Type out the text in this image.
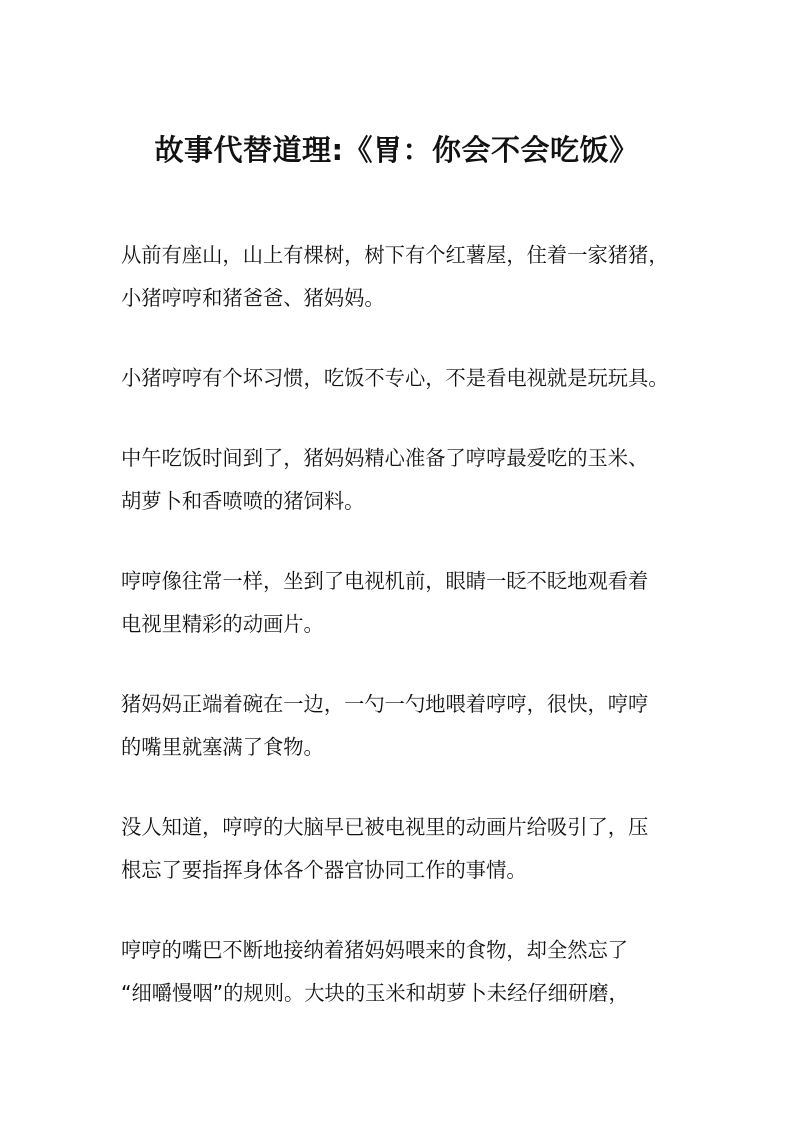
故事代替道理:《胃：你会不会吃饭》
从前有座山，山上有棵树，树下有个红薯屋，住着一家猪猪，
小猪哼哼和猪爸爸、猪妈妈。
小猪哼哼有个坏习惯，吃饭不专心，不是看电视就是玩玩具。
中午吃饭时间到了，猪妈妈精心准备了哼哼最爱吃的玉米、
胡萝卜和香喷喷的猪饲料。
哼哼像往常一样，坐到了电视机前，眼睛一眨不眨地观看着
电视里精彩的动画片。
猪妈妈正端着碗在一边，一勺一勺地喂着哼哼，很快，哼哼
的嘴里就塞满了食物。
没人知道，哼哼的大脑早已被电视里的动画片给吸引了，压
根忘了要指挥身体各个器官协同工作的事情。
哼哼的嘴巴不断地接纳着猪妈妈喂来的食物，却全然忘了
“细嚼慢咽”的规则。大块的玉米和胡萝卜未经仔细研磨，
